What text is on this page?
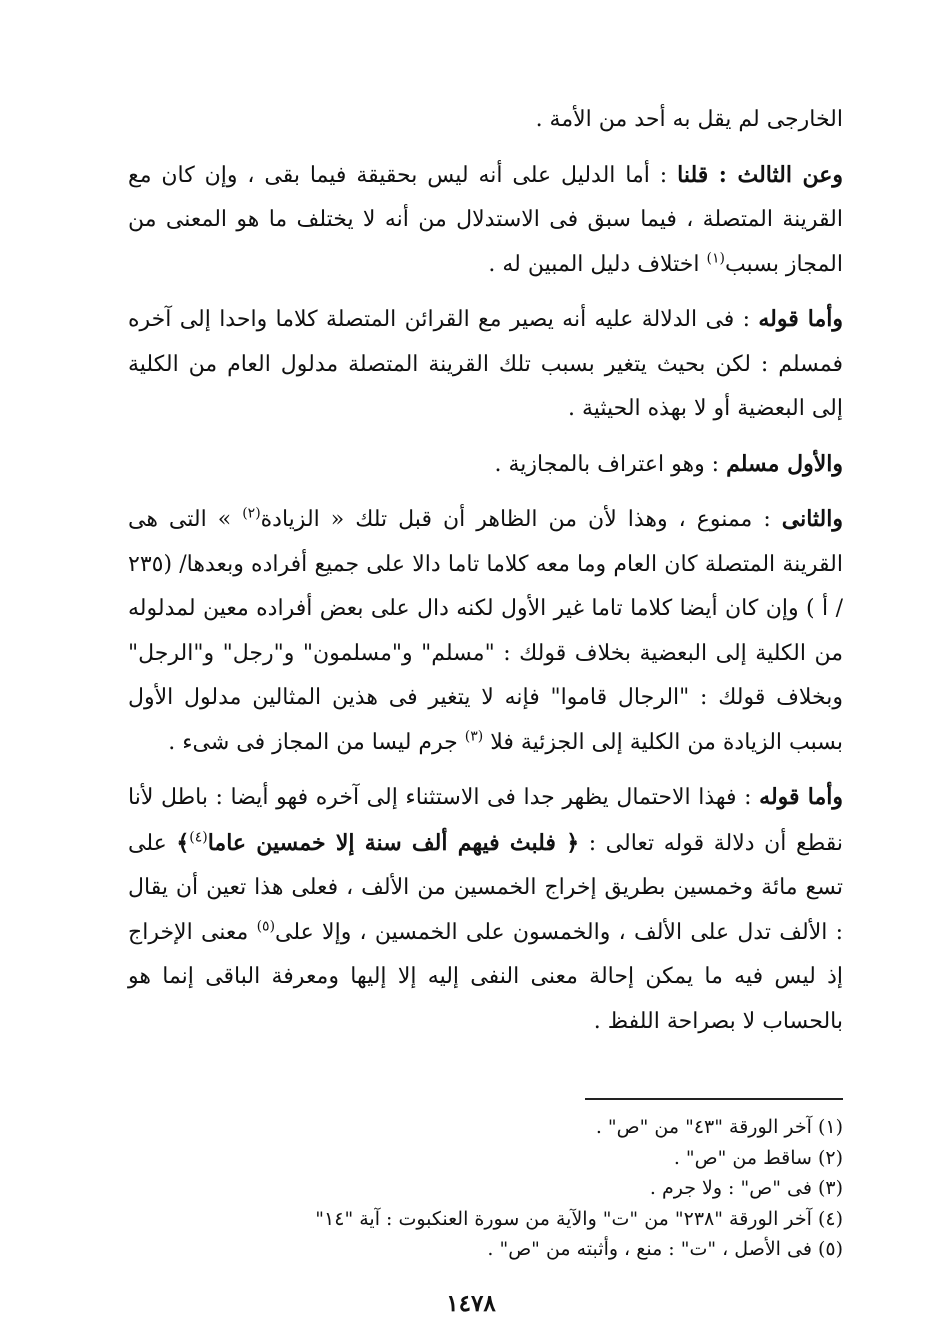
الخارجى لم يقل به أحد من الأمة .

وعن الثالث : قلنا : أما الدليل على أنه ليس بحقيقة فيما بقى ، وإن كان مع القرينة المتصلة ، فيما سبق فى الاستدلال من أنه لا يختلف ما هو المعنى من المجاز بسبب$^{(١)}$ اختلاف دليل المبين له .

وأما قوله : فى الدلالة عليه أنه يصير مع القرائن المتصلة كلاما واحدا إلى آخره فمسلم : لكن بحيث يتغير بسبب تلك القرينة المتصلة مدلول العام من الكلية إلى البعضية أو لا بهذه الحيثية .

والأول مسلم : وهو اعتراف بالمجازية .

والثانى : ممنوع ، وهذا لأن من الظاهر أن قبل تلك « الزيادة$^{(٢)}$ » التى هى القرينة المتصلة كان العام وما معه كلاما تاما دالا على جميع أفراده وبعدها/ (٢٣٥ / أ ) وإن كان أيضا كلاما تاما غير الأول لكنه دال على بعض أفراده معين لمدلوله من الكلية إلى البعضية بخلاف قولك : "مسلم" و"مسلمون" و"رجل" و"الرجل" وبخلاف قولك : "الرجال قاموا" فإنه لا يتغير فى هذين المثالين مدلول الأول بسبب الزيادة من الكلية إلى الجزئية فلا $^{(٣)}$ جرم ليسا من المجاز فى شىء .

وأما قوله : فهذا الاحتمال يظهر جدا فى الاستثناء إلى آخره فهو أيضا : باطل لأنا نقطع أن دلالة قوله تعالى : ﴿ فلبث فيهم ألف سنة إلا خمسين عاما$^{(٤)}$﴾ على تسع مائة وخمسين بطريق إخراج الخمسين من الألف ، فعلى هذا تعين أن يقال : الألف تدل على الألف ، والخمسون على الخمسين ، وإلا على$^{(٥)}$ معنى الإخراج إذ ليس فيه ما يمكن إحالة معنى النفى إليه إلا إليها ومعرفة الباقى إنما هو بالحساب لا بصراحة اللفظ .

(١) آخر الورقة "٤٣" من "ص" .

(٢) ساقط من "ص" .

(٣) فى "ص" : ولا جرم .

(٤) آخر الورقة "٢٣٨" من "ت" والآية من سورة العنكبوت : آية "١٤"

(٥) فى الأصل ، "ت" : منع ، وأثبته من "ص" .

١٤٧٨
